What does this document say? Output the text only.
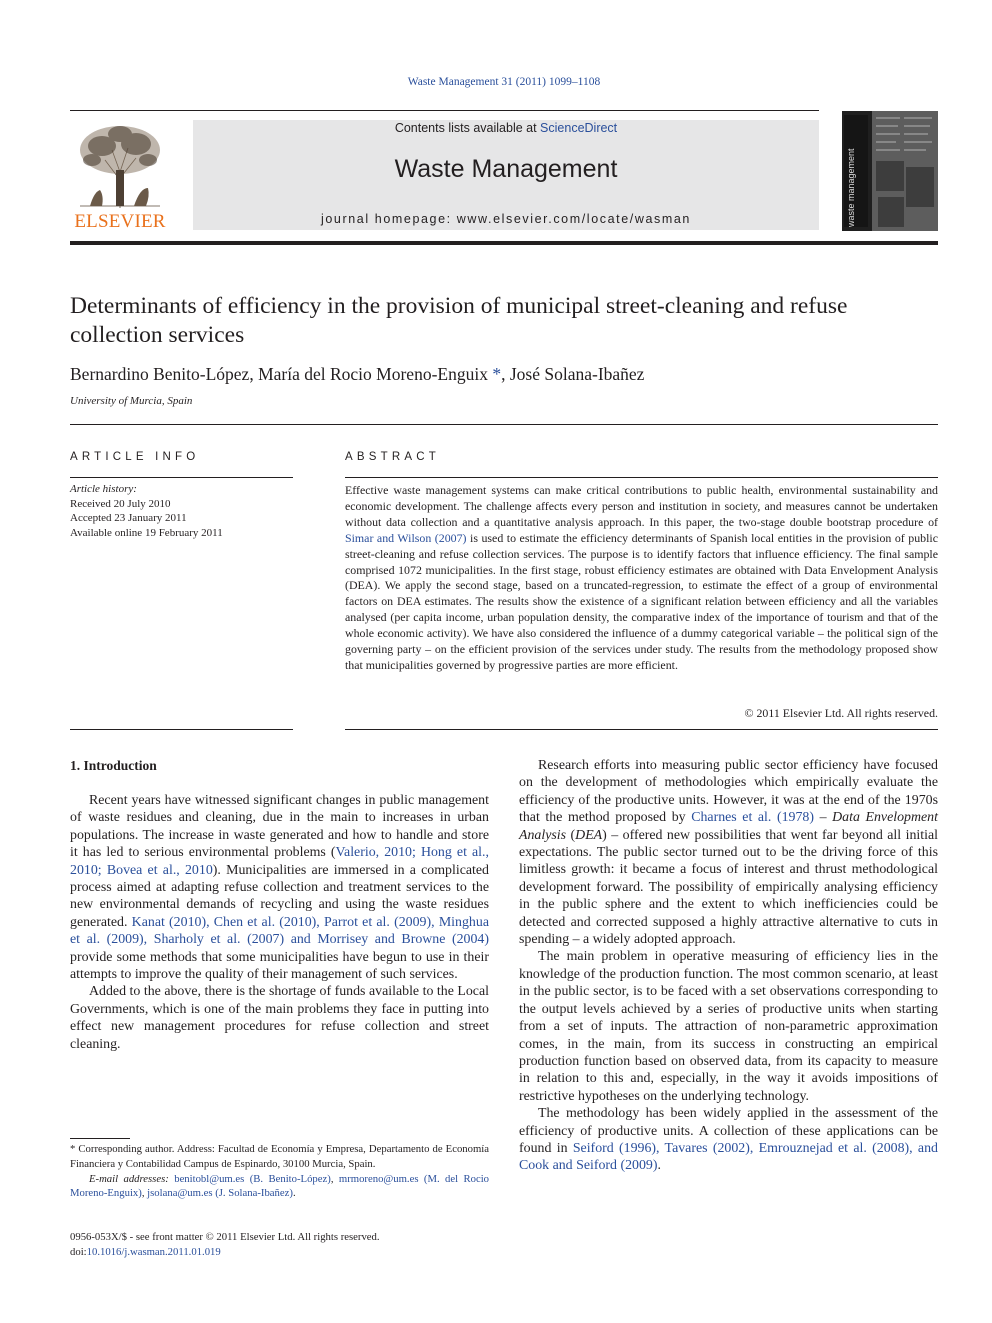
Waste Management 31 (2011) 1099–1108
ELSEVIER
Contents lists available at ScienceDirect
Waste Management
journal homepage: www.elsevier.com/locate/wasman	waste management
Determinants of efficiency in the provision of municipal street-cleaning and refuse collection services
Bernardino Benito-López, María del Rocio Moreno-Enguix *, José Solana-Ibañez
University of Murcia, Spain
ARTICLE INFO
Article history:
Received 20 July 2010
Accepted 23 January 2011
Available online 19 February 2011
ABSTRACT
Effective waste management systems can make critical contributions to public health, environmental sustainability and economic development. The challenge affects every person and institution in society, and measures cannot be undertaken without data collection and a quantitative analysis approach. In this paper, the two-stage double bootstrap procedure of Simar and Wilson (2007) is used to estimate the efficiency determinants of Spanish local entities in the provision of public street-cleaning and refuse collection services. The purpose is to identify factors that influence efficiency. The final sample comprised 1072 municipalities. In the first stage, robust efficiency estimates are obtained with Data Envelopment Analysis (DEA). We apply the second stage, based on a truncated-regression, to estimate the effect of a group of environmental factors on DEA estimates. The results show the existence of a significant relation between efficiency and all the variables analysed (per capita income, urban population density, the comparative index of the importance of tourism and that of the whole economic activity). We have also considered the influence of a dummy categorical variable – the political sign of the governing party – on the efficient provision of the services under study. The results from the methodology proposed show that municipalities governed by progressive parties are more efficient.
© 2011 Elsevier Ltd. All rights reserved.
1. Introduction

Recent years have witnessed significant changes in public management of waste residues and cleaning, due in the main to increases in urban populations. The increase in waste generated and how to handle and store it has led to serious environmental problems (Valerio, 2010; Hong et al., 2010; Bovea et al., 2010). Municipalities are immersed in a complicated process aimed at adapting refuse collection and treatment services to the new environmental demands of recycling and using the waste residues generated. Kanat (2010), Chen et al. (2010), Parrot et al. (2009), Minghua et al. (2009), Sharholy et al. (2007) and Morrisey and Browne (2004) provide some methods that some municipalities have begun to use in their attempts to improve the quality of their management of such services.

Added to the above, there is the shortage of funds available to the Local Governments, which is one of the main problems they face in putting into effect new management procedures for refuse collection and street cleaning.

Research efforts into measuring public sector efficiency have focused on the development of methodologies which empirically evaluate the efficiency of the productive units. However, it was at the end of the 1970s that the method proposed by Charnes et al. (1978) – Data Envelopment Analysis (DEA) – offered new possibilities that went far beyond all initial expectations. The public sector turned out to be the driving force of this limitless growth: it became a focus of interest and thrust methodological development forward. The possibility of empirically analysing efficiency in the public sphere and the extent to which inefficiencies could be detected and corrected supposed a highly attractive alternative to cuts in spending – a widely adopted approach.

The main problem in operative measuring of efficiency lies in the knowledge of the production function. The most common scenario, at least in the public sector, is to be faced with a set observations corresponding to the output levels achieved by a series of productive units when starting from a set of inputs. The attraction of non-parametric approximation comes, in the main, from its success in constructing an empirical production function based on observed data, from its capacity to measure in relation to this and, especially, in the way it avoids impositions of restrictive hypotheses on the underlying technology.

The methodology has been widely applied in the assessment of the efficiency of productive units. A collection of these applications can be found in Seiford (1996), Tavares (2002), Emrouznejad et al. (2008), and Cook and Seiford (2009).

* Corresponding author. Address: Facultad de Economía y Empresa, Departamento de Economía Financiera y Contabilidad Campus de Espinardo, 30100 Murcia, Spain.
E-mail addresses: benitobl@um.es (B. Benito-López), mrmoreno@um.es (M. del Rocio Moreno-Enguix), jsolana@um.es (J. Solana-Ibañez).
0956-053X/$ - see front matter © 2011 Elsevier Ltd. All rights reserved.
doi:10.1016/j.wasman.2011.01.019
